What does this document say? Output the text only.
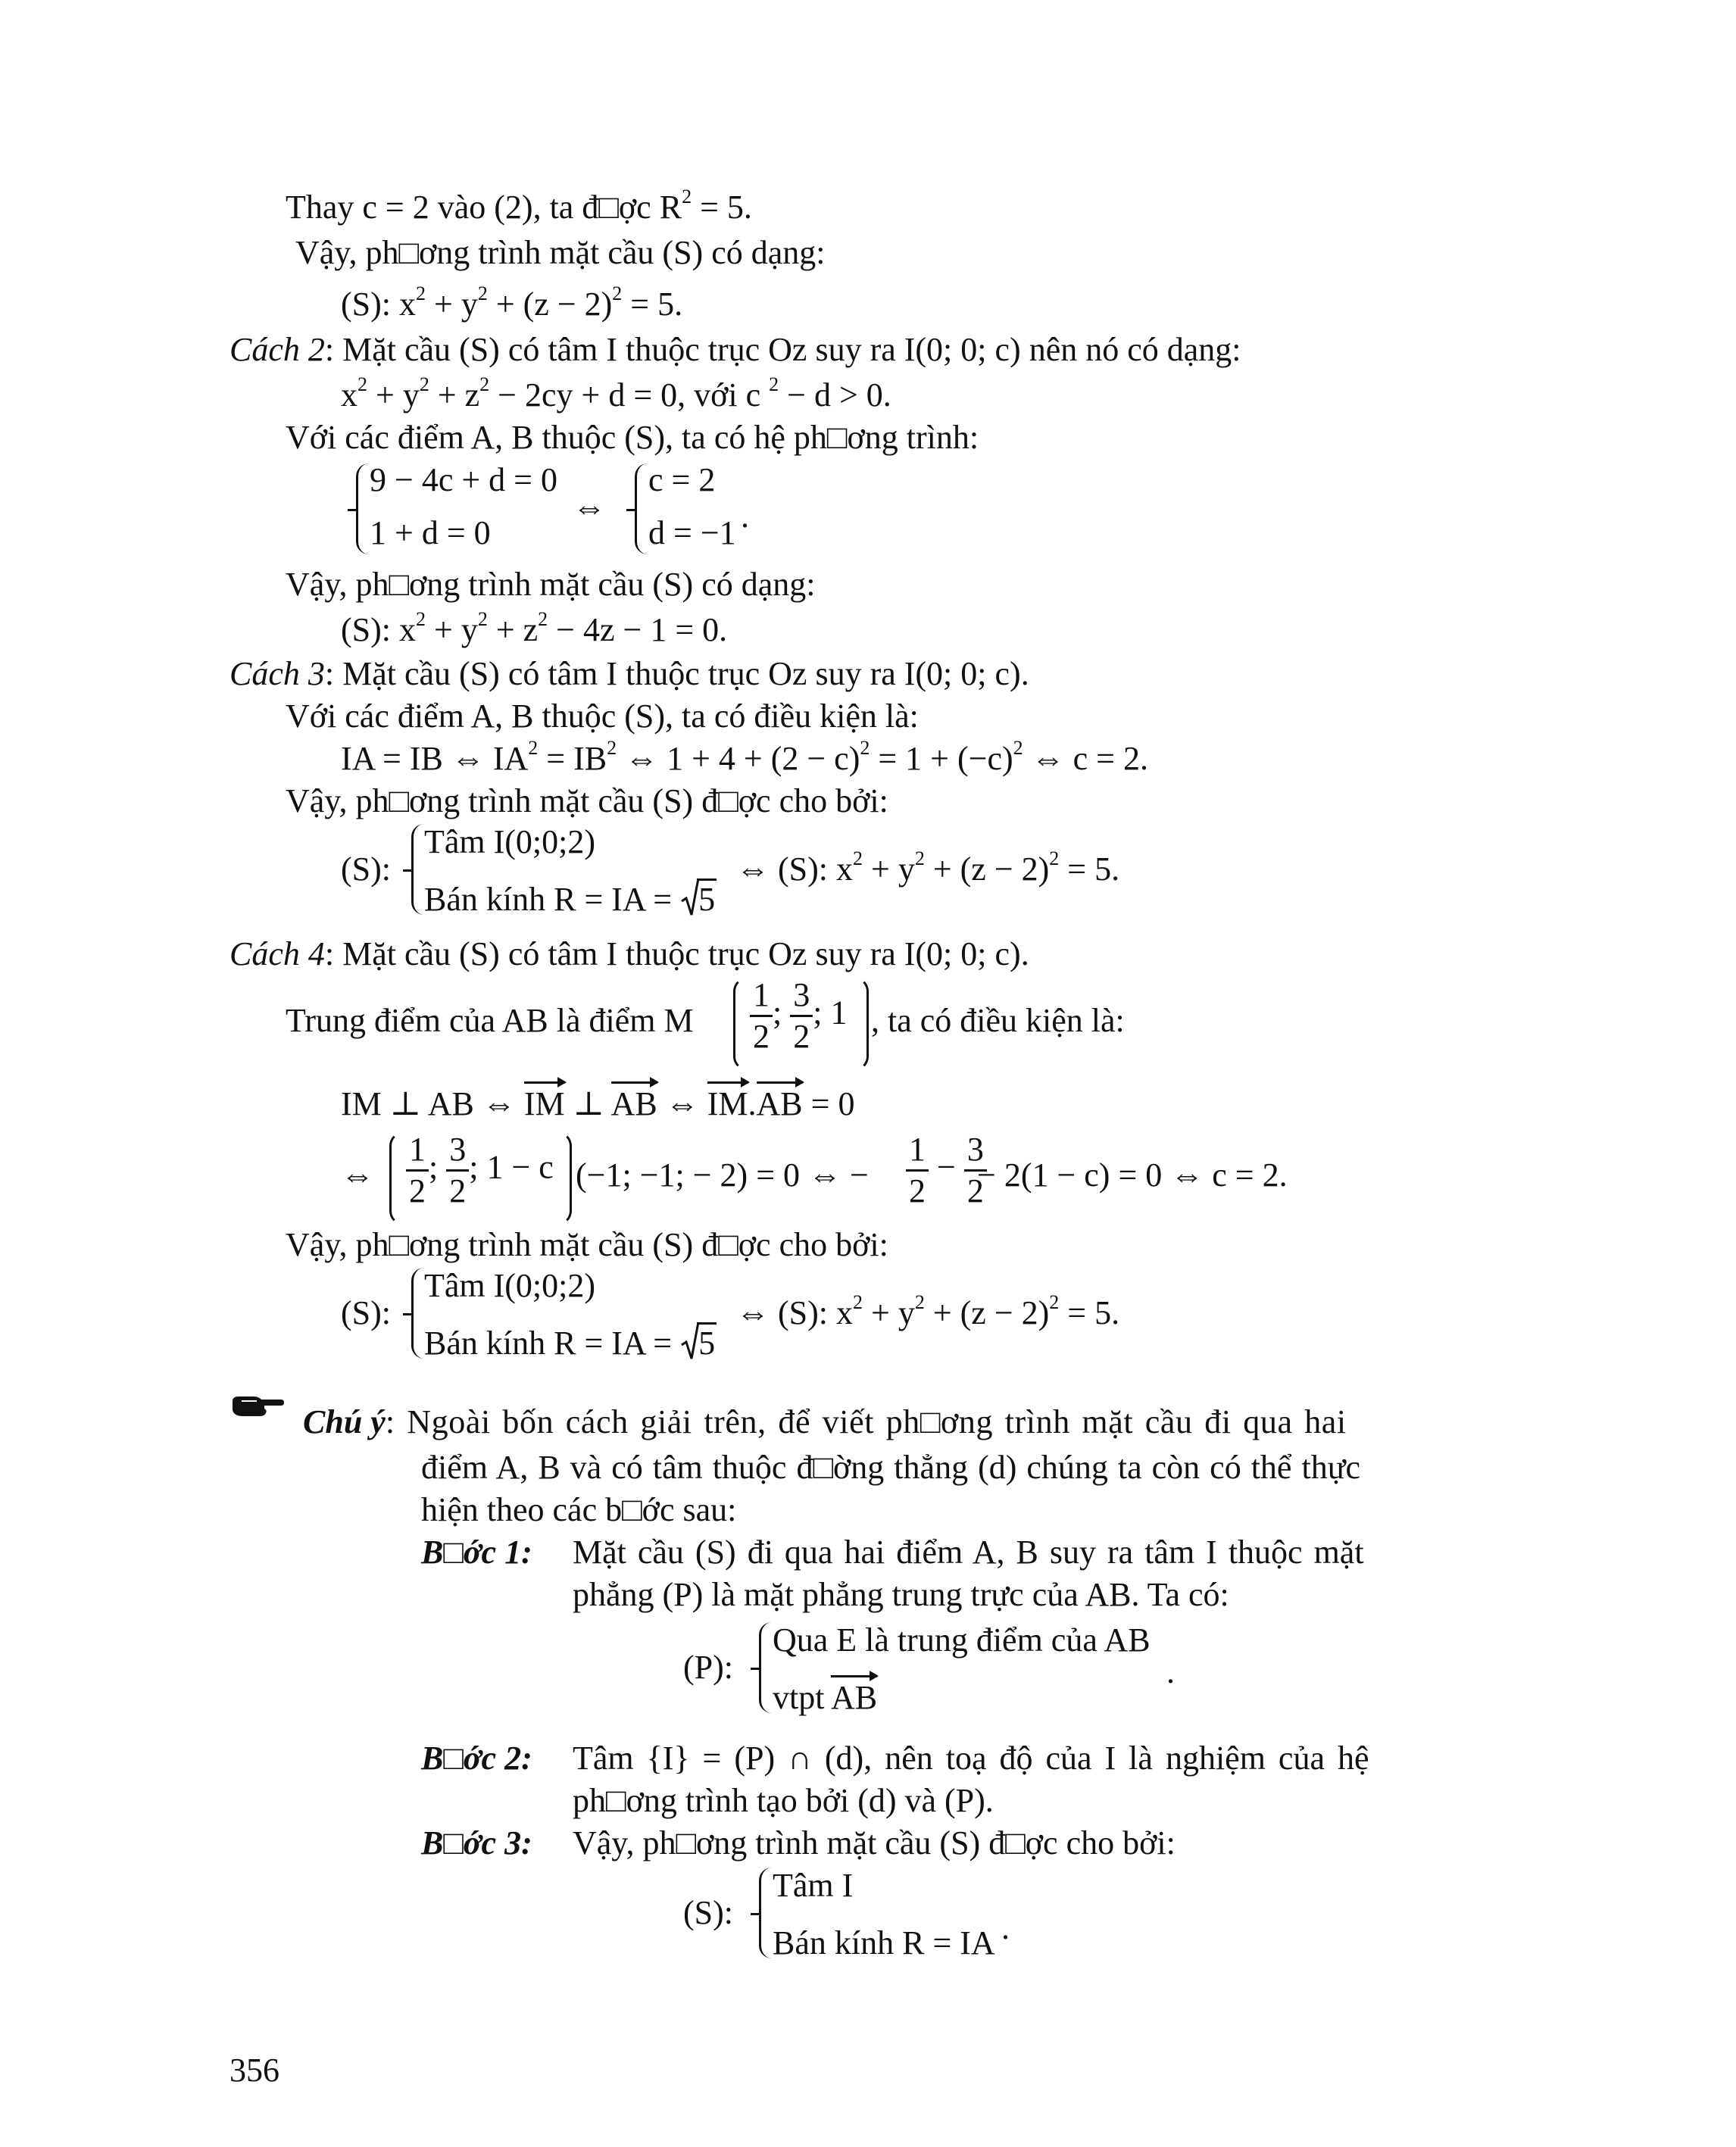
Thay c = 2 vào (2), ta đ□ợc $R^2 = 5$.
Vậy, ph□ơng trình mặt cầu (S) có dạng:
(S): $x^2 + y^2 + (z - 2)^2 = 5$.
Cách 2: Mặt cầu (S) có tâm I thuộc trục Oz suy ra I(0; 0; c) nên nó có dạng:
$x^2 + y^2 + z^2 - 2cy + d = 0$, với c $^2$ − d > 0.
Với các điểm A, B thuộc (S), ta có hệ ph□ơng trình:
9 − 4c + d = 0
1 + d = 0
⇔
c = 2
d = −1 .
Vậy, ph□ơng trình mặt cầu (S) có dạng:
(S): $x^2 + y^2 + z^2 - 4z - 1 = 0$.
Cách 3: Mặt cầu (S) có tâm I thuộc trục Oz suy ra I(0; 0; c).
Với các điểm A, B thuộc (S), ta có điều kiện là:
IA = IB ⇔ $IA^2 = IB^2$ ⇔ $1 + 4 + (2 - c)^2 = 1 + (-c)^2$ ⇔ c = 2.
Vậy, ph□ơng trình mặt cầu (S) đ□ợc cho bởi:
(S):
Tâm I(0;0;2)
Bán kính R = IA =
5
⇔ (S): $x^2 + y^2 + (z - 2)^2 = 5$.
Cách 4: Mặt cầu (S) có tâm I thuộc trục Oz suy ra I(0; 0; c).
Trung điểm của AB là điểm M $\frac{1}{2}$ ; $\frac{3}{2}$ ; 1 , ta có điều kiện là:
IM ⊥ AB ⇔ IM ⊥ AB ⇔ IM.AB = 0
⇔ $\frac{1}{2}$ ; $\frac{3}{2}$ ; 1 − c (−1; −1; − 2) = 0 ⇔ − $\frac{1}{2} - \frac{3}{2}$
− 2(1 − c) = 0 ⇔ c = 2.
Vậy, ph□ơng trình mặt cầu (S) đ□ợc cho bởi:
(S):
Tâm I(0;0;2)
Bán kính R = IA =
5
⇔ (S): $x^2 + y^2 + (z - 2)^2 = 5$.
Chú ý: Ngoài bốn cách giải trên, để viết ph□ơng trình mặt cầu đi qua hai
điểm A, B và có tâm thuộc đ□ờng thẳng (d) chúng ta còn có thể thực
hiện theo các b□ớc sau:
B□ớc 1: Mặt cầu (S) đi qua hai điểm A, B suy ra tâm I thuộc mặt
phẳng (P) là mặt phẳng trung trực của AB. Ta có:
(P):
Qua E là trung điểm của AB
vtpt AB
.
B□ớc 2: Tâm {I} = (P) ∩ (d), nên toạ độ của I là nghiệm của hệ
ph□ơng trình tạo bởi (d) và (P).
B□ớc 3: Vậy, ph□ơng trình mặt cầu (S) đ□ợc cho bởi:
(S):
Tâm I
Bán kính R = IA .
356
